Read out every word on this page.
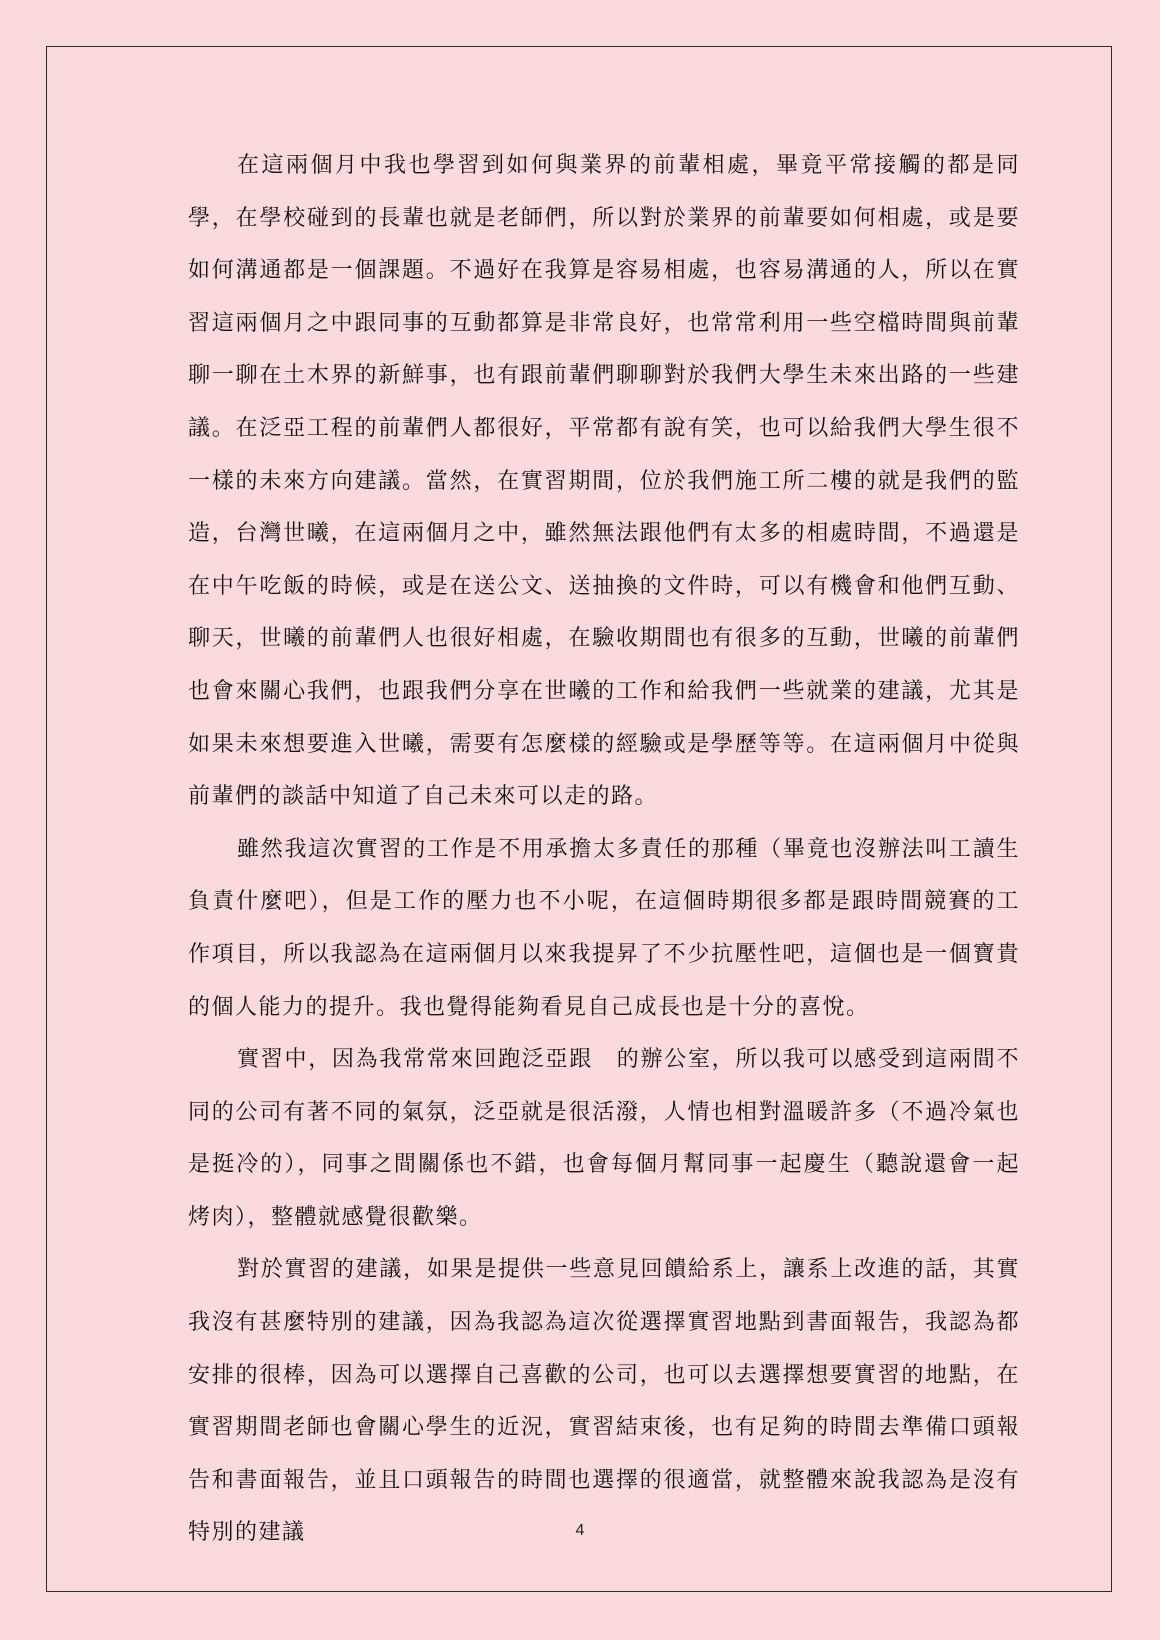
在這兩個月中我也學習到如何與業界的前輩相處，畢竟平常接觸的都是同學，在學校碰到的長輩也就是老師們，所以對於業界的前輩要如何相處，或是要如何溝通都是一個課題。不過好在我算是容易相處，也容易溝通的人，所以在實習這兩個月之中跟同事的互動都算是非常良好，也常常利用一些空檔時間與前輩聊一聊在土木界的新鮮事，也有跟前輩們聊聊對於我們大學生未來出路的一些建議。在泛亞工程的前輩們人都很好，平常都有說有笑，也可以給我們大學生很不一樣的未來方向建議。當然，在實習期間，位於我們施工所二樓的就是我們的監造，台灣世曦，在這兩個月之中，雖然無法跟他們有太多的相處時間，不過還是在中午吃飯的時候，或是在送公文、送抽換的文件時，可以有機會和他們互動、聊天，世曦的前輩們人也很好相處，在驗收期間也有很多的互動，世曦的前輩們也會來關心我們，也跟我們分享在世曦的工作和給我們一些就業的建議，尤其是如果未來想要進入世曦，需要有怎麼樣的經驗或是學歷等等。在這兩個月中從與前輩們的談話中知道了自己未來可以走的路。

雖然我這次實習的工作是不用承擔太多責任的那種（畢竟也沒辦法叫工讀生負責什麼吧），但是工作的壓力也不小呢，在這個時期很多都是跟時間競賽的工作項目，所以我認為在這兩個月以來我提昇了不少抗壓性吧，這個也是一個寶貴的個人能力的提升。我也覺得能夠看見自己成長也是十分的喜悅。

實習中，因為我常常來回跑泛亞跟　的辦公室，所以我可以感受到這兩間不同的公司有著不同的氣氛，泛亞就是很活潑，人情也相對溫暖許多（不過冷氣也是挺冷的），同事之間關係也不錯，也會每個月幫同事一起慶生（聽說還會一起烤肉），整體就感覺很歡樂。

對於實習的建議，如果是提供一些意見回饋給系上，讓系上改進的話，其實我沒有甚麼特別的建議，因為我認為這次從選擇實習地點到書面報告，我認為都安排的很棒，因為可以選擇自己喜歡的公司，也可以去選擇想要實習的地點，在實習期間老師也會關心學生的近況，實習結束後，也有足夠的時間去準備口頭報告和書面報告，並且口頭報告的時間也選擇的很適當，就整體來說我認為是沒有特別的建議	4
